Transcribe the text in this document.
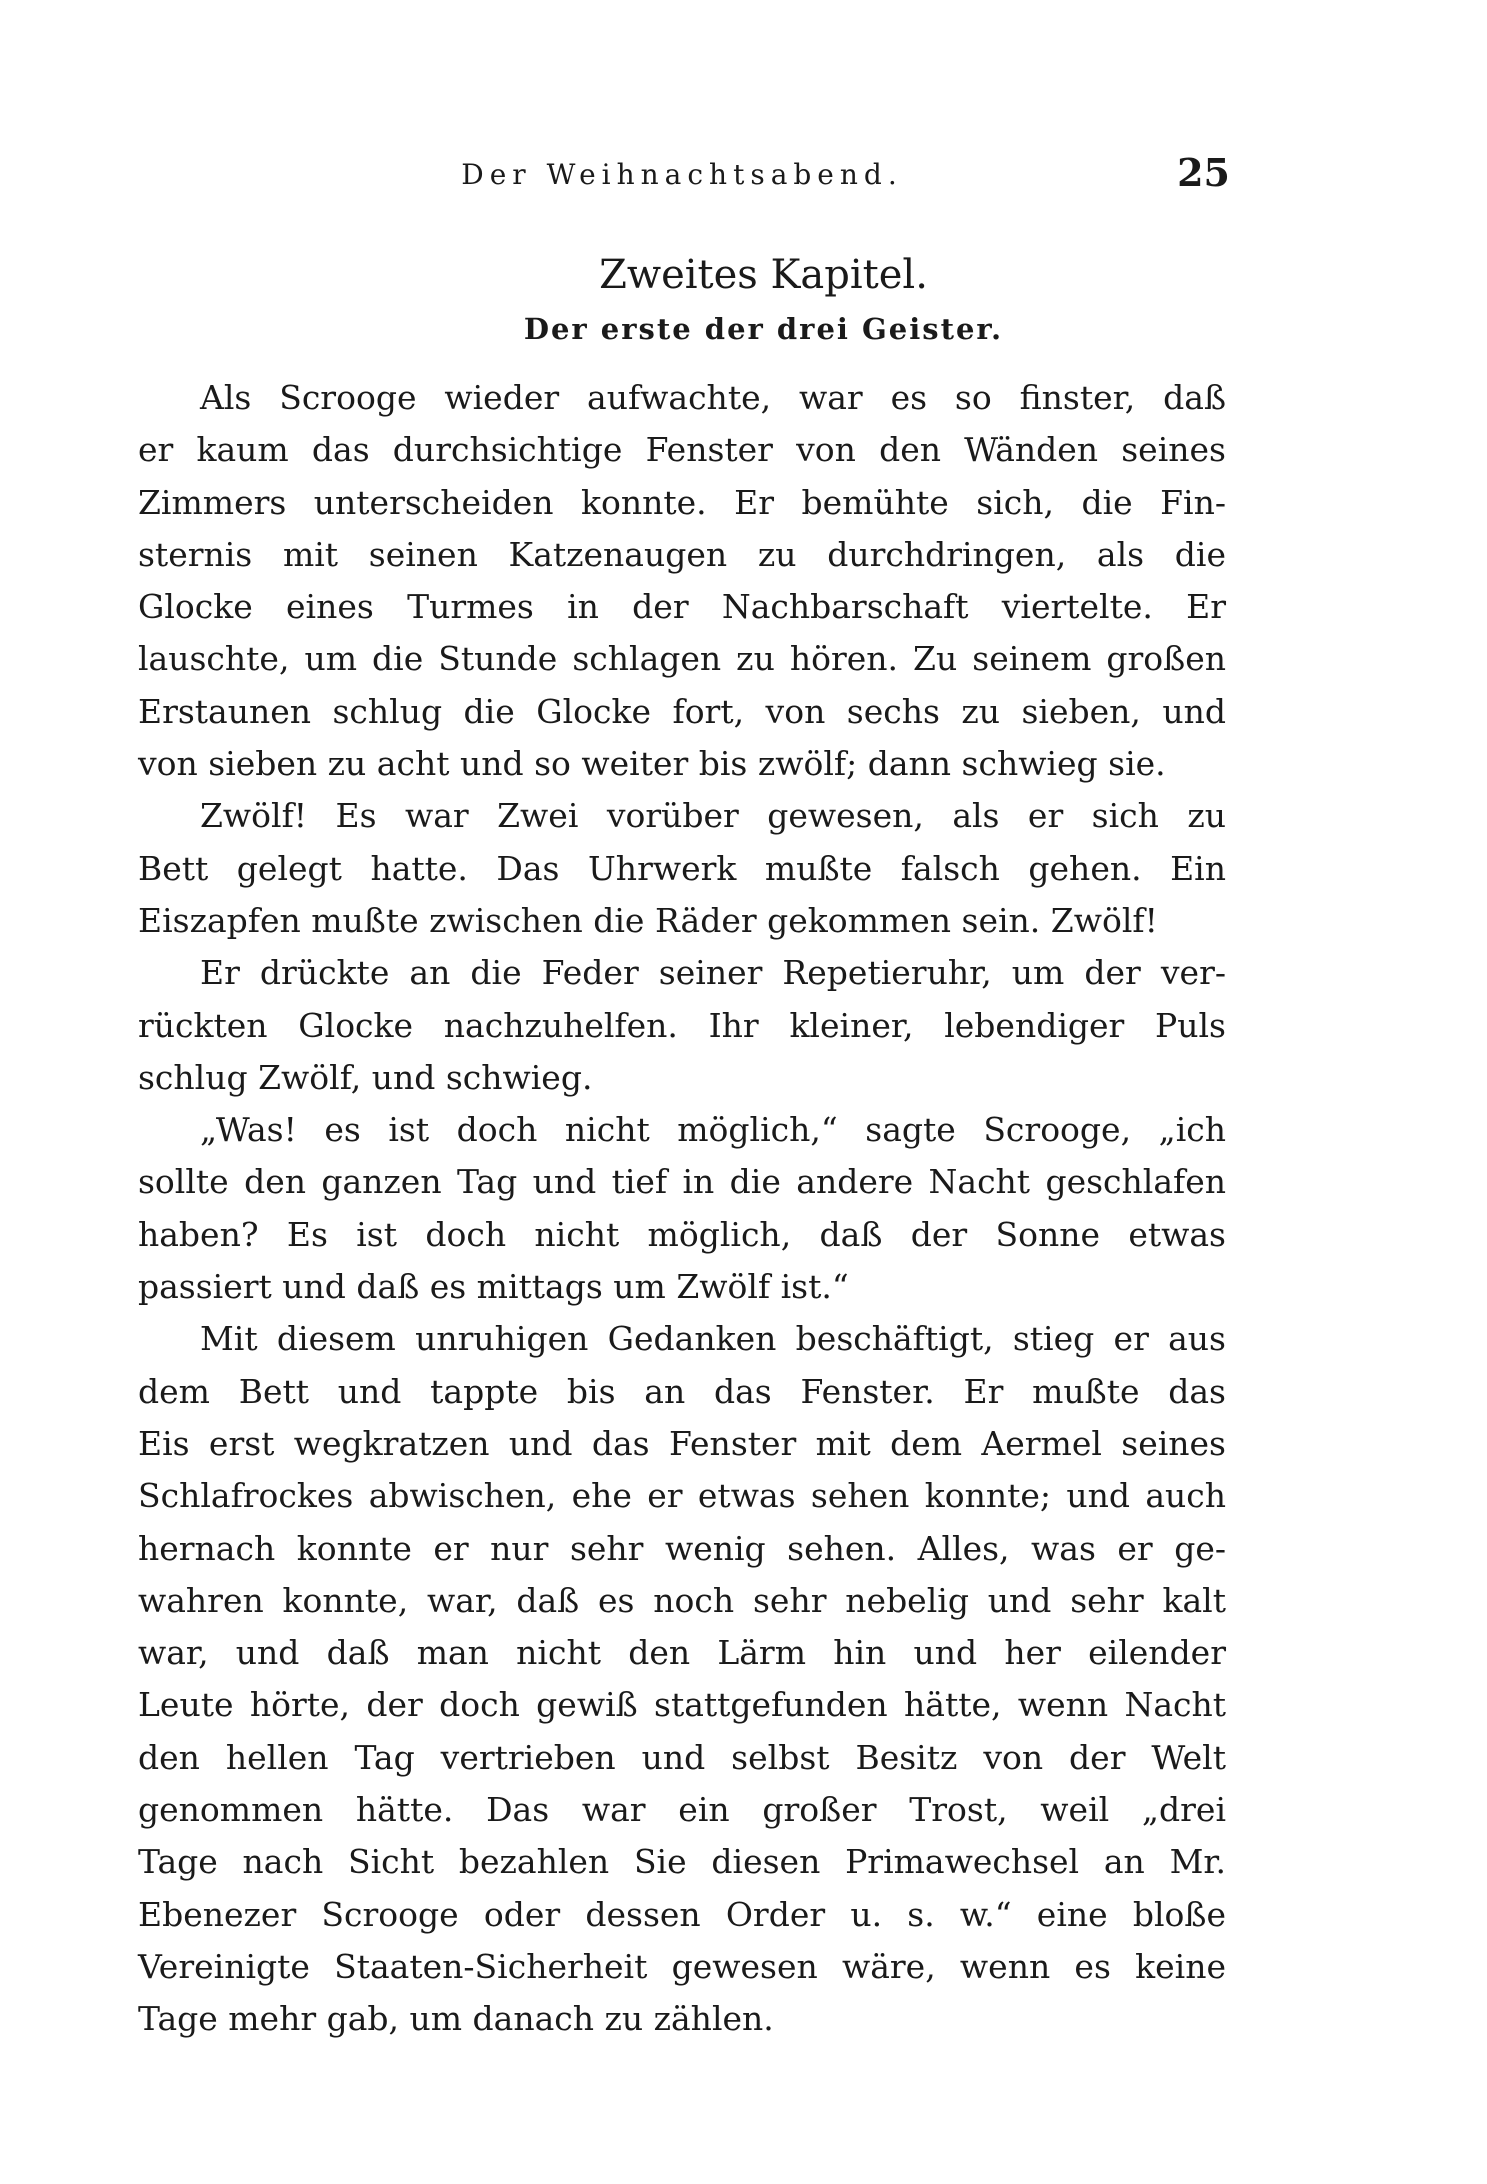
Der Weihnachtsabend.	25
Zweites Kapitel.
Der erste der drei Geister.
Als Scrooge wieder aufwachte, war es so finster, daß
er kaum das durchsichtige Fenster von den Wänden seines
Zimmers unterscheiden konnte. Er bemühte sich, die Fin-
sternis mit seinen Katzenaugen zu durchdringen, als die
Glocke eines Turmes in der Nachbarschaft viertelte. Er
lauschte, um die Stunde schlagen zu hören. Zu seinem großen
Erstaunen schlug die Glocke fort, von sechs zu sieben, und
von sieben zu acht und so weiter bis zwölf; dann schwieg sie.
Zwölf! Es war Zwei vorüber gewesen, als er sich zu
Bett gelegt hatte. Das Uhrwerk mußte falsch gehen. Ein
Eiszapfen mußte zwischen die Räder gekommen sein. Zwölf!
Er drückte an die Feder seiner Repetieruhr, um der ver-
rückten Glocke nachzuhelfen. Ihr kleiner, lebendiger Puls
schlug Zwölf, und schwieg.
„Was! es ist doch nicht möglich,“ sagte Scrooge, „ich
sollte den ganzen Tag und tief in die andere Nacht geschlafen
haben? Es ist doch nicht möglich, daß der Sonne etwas
passiert und daß es mittags um Zwölf ist.“
Mit diesem unruhigen Gedanken beschäftigt, stieg er aus
dem Bett und tappte bis an das Fenster. Er mußte das
Eis erst wegkratzen und das Fenster mit dem Aermel seines
Schlafrockes abwischen, ehe er etwas sehen konnte; und auch
hernach konnte er nur sehr wenig sehen. Alles, was er ge-
wahren konnte, war, daß es noch sehr nebelig und sehr kalt
war, und daß man nicht den Lärm hin und her eilender
Leute hörte, der doch gewiß stattgefunden hätte, wenn Nacht
den hellen Tag vertrieben und selbst Besitz von der Welt
genommen hätte. Das war ein großer Trost, weil „drei
Tage nach Sicht bezahlen Sie diesen Primawechsel an Mr.
Ebenezer Scrooge oder dessen Order u. s. w.“ eine bloße
Vereinigte Staaten-Sicherheit gewesen wäre, wenn es keine
Tage mehr gab, um danach zu zählen.
